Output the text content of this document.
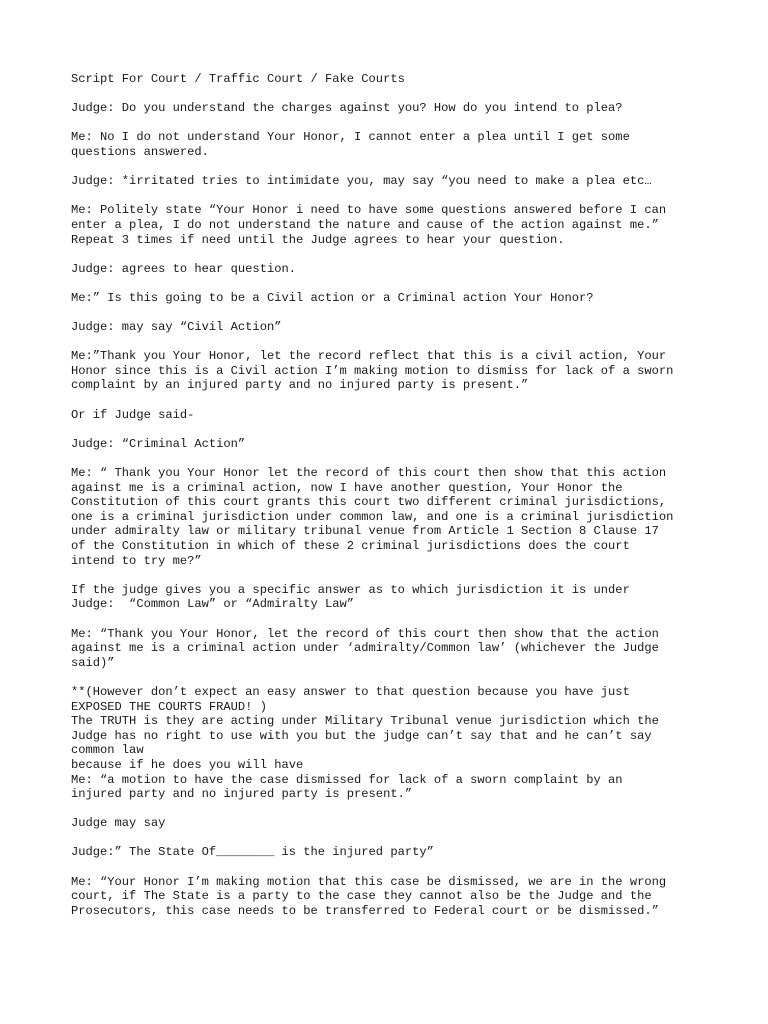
Script For Court / Traffic Court / Fake Courts
Judge: Do you understand the charges against you? How do you intend to plea?
Me: No I do not understand Your Honor, I cannot enter a plea until I get some
questions answered.
Judge: *irritated tries to intimidate you, may say “you need to make a plea etc…
Me: Politely state “Your Honor i need to have some questions answered before I can
enter a plea, I do not understand the nature and cause of the action against me.”
Repeat 3 times if need until the Judge agrees to hear your question.
Judge: agrees to hear question.
Me:” Is this going to be a Civil action or a Criminal action Your Honor?
Judge: may say “Civil Action”
Me:”Thank you Your Honor, let the record reflect that this is a civil action, Your
Honor since this is a Civil action I’m making motion to dismiss for lack of a sworn
complaint by an injured party and no injured party is present.”
Or if Judge said-
Judge: “Criminal Action”
Me: “ Thank you Your Honor let the record of this court then show that this action
against me is a criminal action, now I have another question, Your Honor the
Constitution of this court grants this court two different criminal jurisdictions,
one is a criminal jurisdiction under common law, and one is a criminal jurisdiction
under admiralty law or military tribunal venue from Article 1 Section 8 Clause 17
of the Constitution in which of these 2 criminal jurisdictions does the court
intend to try me?”
If the judge gives you a specific answer as to which jurisdiction it is under
Judge:  “Common Law” or “Admiralty Law”
Me: “Thank you Your Honor, let the record of this court then show that the action
against me is a criminal action under ‘admiralty/Common law’ (whichever the Judge
said)”
**(However don’t expect an easy answer to that question because you have just
EXPOSED THE COURTS FRAUD! )
The TRUTH is they are acting under Military Tribunal venue jurisdiction which the
Judge has no right to use with you but the judge can’t say that and he can’t say
common law
because if he does you will have
Me: “a motion to have the case dismissed for lack of a sworn complaint by an
injured party and no injured party is present.”
Judge may say
Judge:” The State Of________ is the injured party”
Me: “Your Honor I’m making motion that this case be dismissed, we are in the wrong
court, if The State is a party to the case they cannot also be the Judge and the
Prosecutors, this case needs to be transferred to Federal court or be dismissed.”
